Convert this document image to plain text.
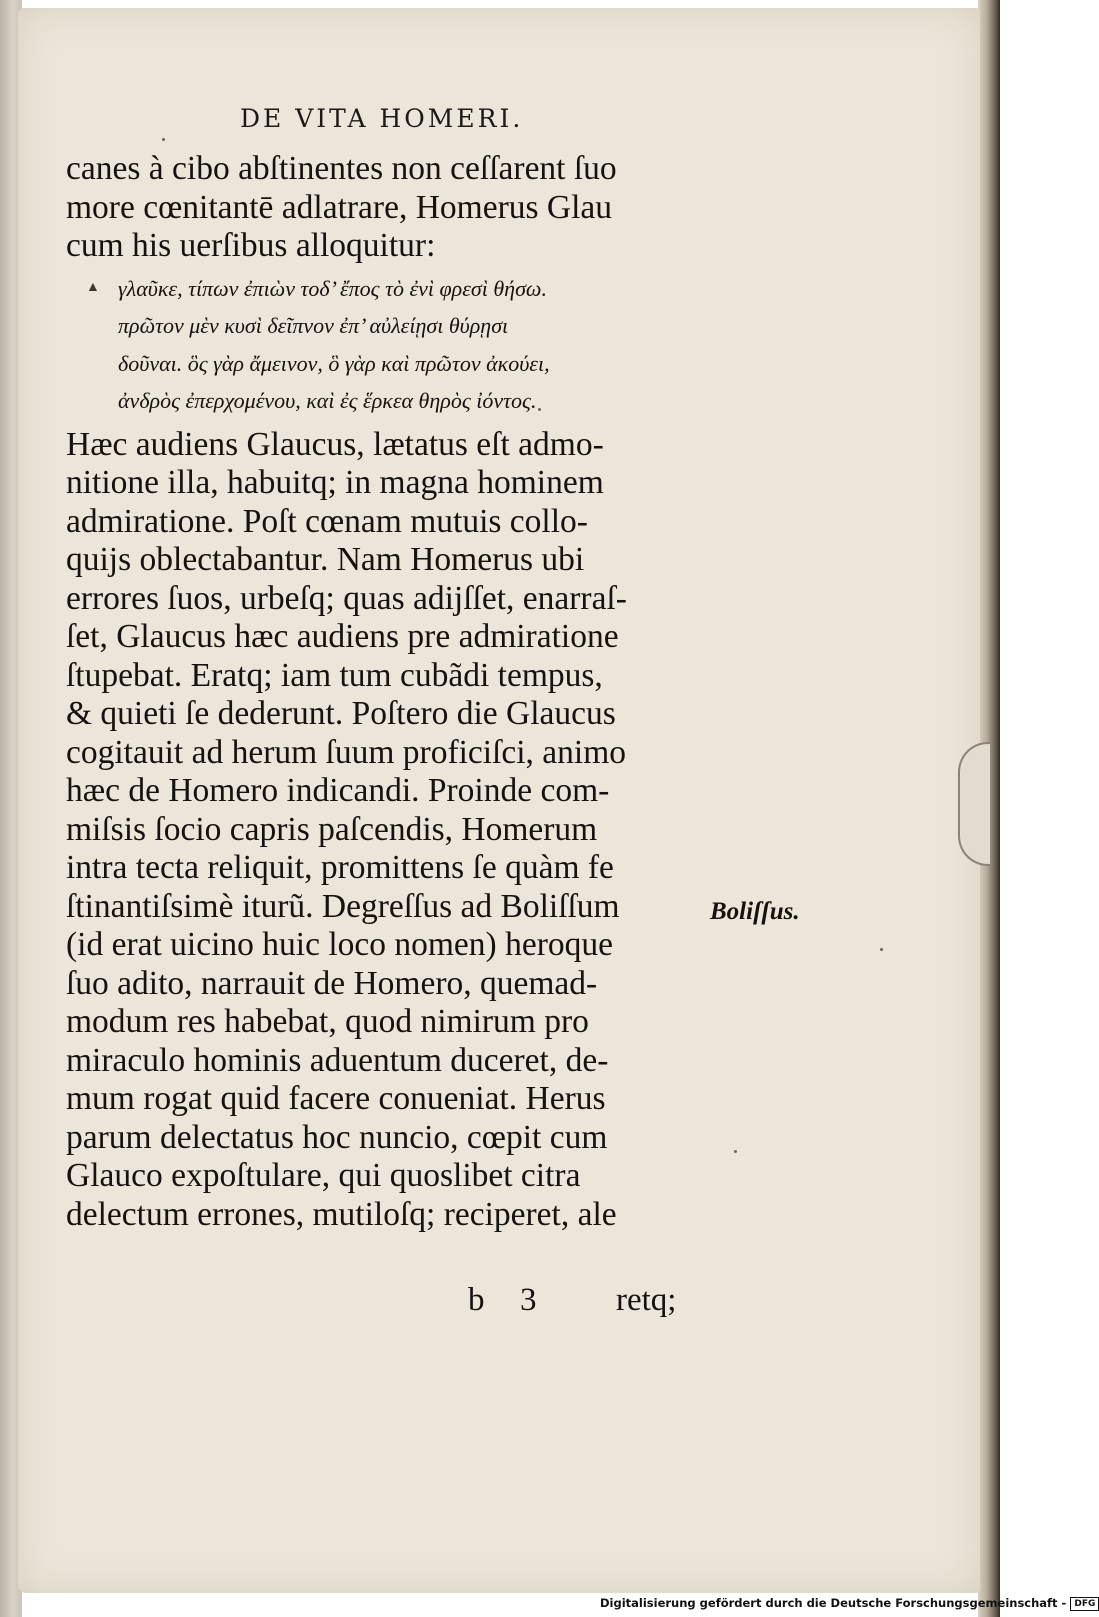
DE VITA HOMERI.
▲
canes à cibo abſtinentes non ceſſarent ſuo
more cœnitantē adlatrare, Homerus Glau
cum his uerſibus alloquitur:
γλαῦκε, τίπων ἐπιὼν τοδ’ ἔπος τὸ ἐνὶ φρεσὶ θήσω.
πρῶτον μὲν κυσὶ δεῖπνον ἐπ’ αὐλείῃσι θύρῃσι
δοῦναι. ὃς γὰρ ἄμεινον, ὃ γὰρ καὶ πρῶτον ἀκούει,
ἀνδρὸς ἐπερχομένου, καὶ ἐς ἕρκεα θηρὸς ἰόντος.
Hæc audiens Glaucus, lætatus eſt admo-
nitione illa, habuitq; in magna hominem
admiratione. Poſt cœnam mutuis collo-
quijs oble‍ctabantur. Nam Homerus ubi
errores ſuos, urbeſq; quas adijſſet, enarraſ-
ſet, Glaucus hæc audiens pre admiratione
ſtupebat. Eratq; iam tum cubãdi tempus,
& quieti ſe dederunt. Poſtero die Glaucus
cogitauit ad herum ſuum proficiſci, animo
hæc de Homero indicandi. Proinde com-
miſsis ſocio capris paſcendis, Homerum
intra tecta reliquit, promittens ſe quàm fe
ſtinantiſsimè iturũ. Degreſſus ad Boliſſum
(id erat uicino huic loco nomen) heroque
ſuo adito, narrauit de Homero, quemad-
modum res habebat, quod nimirum pro
miraculo hominis aduentum duceret, de-
mum rogat quid facere conueniat. Herus
parum delectatus hoc nuncio, cœpit cum
Glauco expoſtulare, qui quoslibet citra
delectum errones, mutiloſq; reciperet, ale
Boliſſus.
b 3 retq;
Digitalisierung gefördert durch die Deutsche Forschungsgemeinschaft - DFG
